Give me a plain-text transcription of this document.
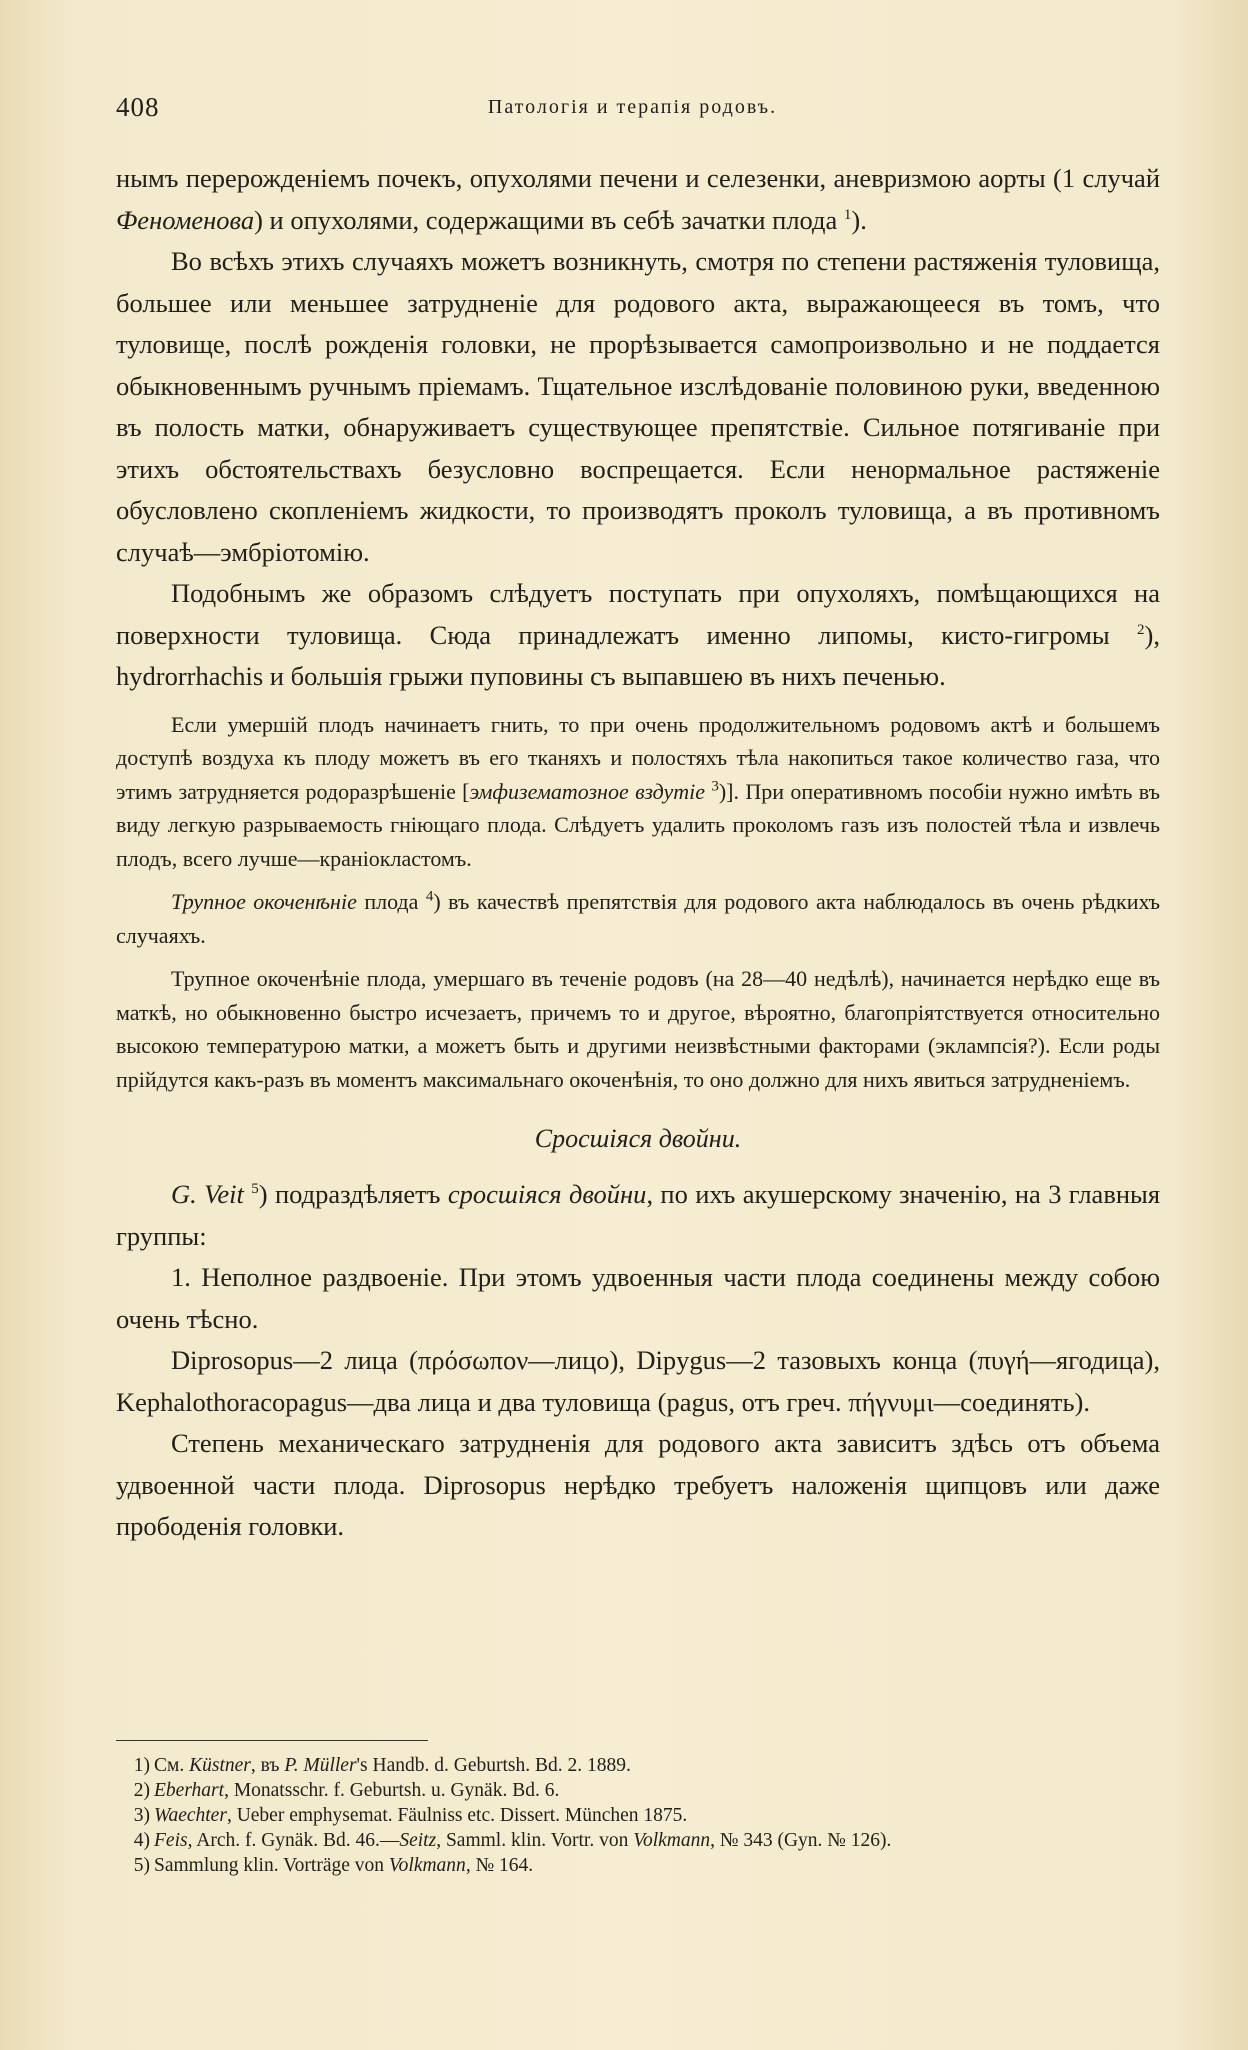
408	Патологія и терапія родовъ.

нымъ перерожденіемъ почекъ, опухолями печени и селезенки, аневризмою аорты (1 случай Феноменова) и опухолями, содержащими въ себѣ зачатки плода $^1$).

Во всѣхъ этихъ случаяхъ можетъ возникнуть, смотря по степени растяженія туловища, большее или меньшее затрудненіе для родового акта, выражающееся въ томъ, что туловище, послѣ рожденія головки, не прорѣзывается самопроизвольно и не поддается обыкновеннымъ ручнымъ пріемамъ. Тщательное изслѣдованіе половиною руки, введенною въ полость матки, обнаруживаетъ существующее препятствіе. Сильное потягиваніе при этихъ обстоятельствахъ безусловно воспрещается. Если ненормальное растяженіе обусловлено скопленіемъ жидкости, то производятъ проколъ туловища, а въ противномъ случаѣ—эмбріотомію.

Подобнымъ же образомъ слѣдуетъ поступать при опухоляхъ, помѣщающихся на поверхности туловища. Сюда принадлежатъ именно липомы, кисто-гигромы $^2$), hydrorrhachis и большія грыжи пуповины съ выпавшею въ нихъ печенью.

Если умершій плодъ начинаетъ гнить, то при очень продолжительномъ родовомъ актѣ и большемъ доступѣ воздуха къ плоду можетъ въ его тканяхъ и полостяхъ тѣла накопиться такое количество газа, что этимъ затрудняется родоразрѣшеніе [эмфизематозное вздутіе $^3$)]. При оперативномъ пособіи нужно имѣть въ виду легкую разрываемость гніющаго плода. Слѣдуетъ удалить проколомъ газъ изъ полостей тѣла и извлечь плодъ, всего лучше—краніокластомъ.

Трупное окоченѣніе плода $^4$) въ качествѣ препятствія для родового акта наблюдалось въ очень рѣдкихъ случаяхъ.

Трупное окоченѣніе плода, умершаго въ теченіе родовъ (на 28—40 недѣлѣ), начинается нерѣдко еще въ маткѣ, но обыкновенно быстро исчезаетъ, причемъ то и другое, вѣроятно, благопріятствуется относительно высокою температурою матки, а можетъ быть и другими неизвѣстными факторами (эклампсія?). Если роды прійдутся какъ-разъ въ моментъ максимальнаго окоченѣнія, то оно должно для нихъ явиться затрудненіемъ.

Сросшіяся двойни.

G. Veit $^5$) подраздѣляетъ сросшіяся двойни, по ихъ акушерскому значенію, на 3 главныя группы:

1. Неполное раздвоеніе. При этомъ удвоенныя части плода соединены между собою очень тѣсно.

Diprosopus—2 лица (πρόσωπον—лицо), Dipygus—2 тазовыхъ конца (πυγή—ягодица), Kephalothoracopagus—два лица и два туловища (pagus, отъ греч. πήγνυμι—соединять).

Степень механическаго затрудненія для родового акта зависитъ здѣсь отъ объема удвоенной части плода. Diprosopus нерѣдко требуетъ наложенія щипцовъ или даже прободенія головки.

1) См. Küstner, въ P. Müller's Handb. d. Geburtsh. Bd. 2. 1889.

2) Eberhart, Monatsschr. f. Geburtsh. u. Gynäk. Bd. 6.

3) Waechter, Ueber emphysemat. Fäulniss etc. Dissert. München 1875.

4) Feis, Arch. f. Gynäk. Bd. 46.—Seitz, Samml. klin. Vortr. von Volkmann, № 343 (Gyn. № 126).

5) Sammlung klin. Vorträge von Volkmann, № 164.
